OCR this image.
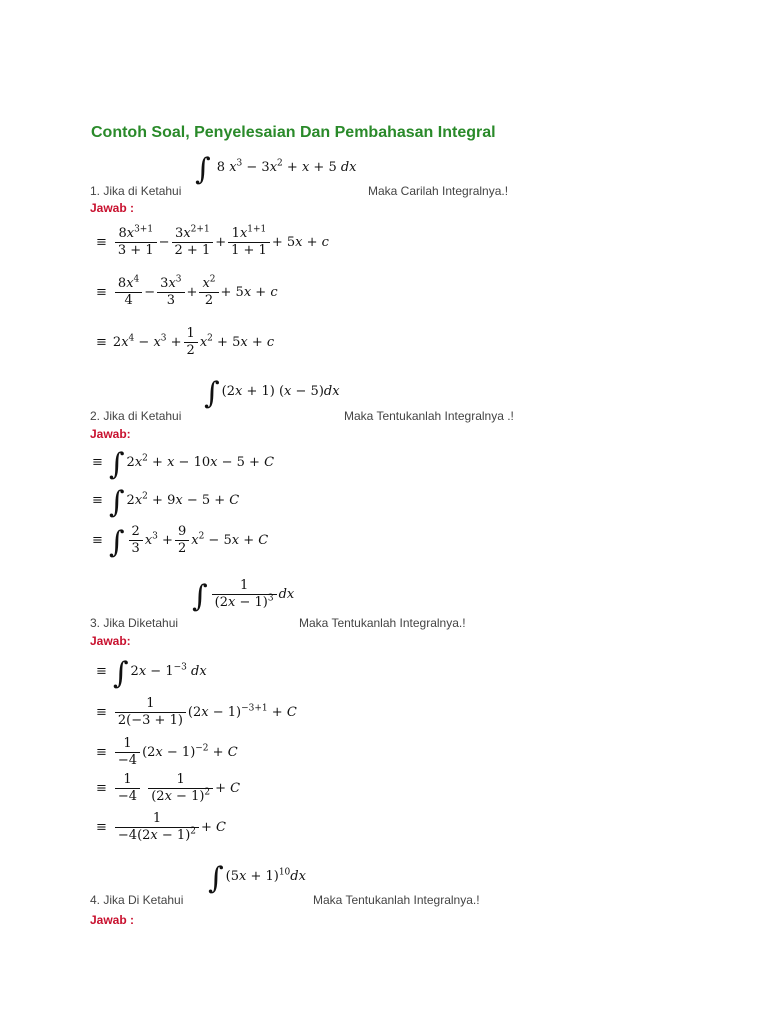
Contoh Soal, Penyelesaian Dan Pembahasan Integral
∫ 8 $x^3 - 3x^2 + x + 5$ dx
1. Jika di Ketahui	Maka Carilah Integralnya.!
Jawab :
≡ $\frac{8x^{3+1}}{3 + 1} - \frac{3x^{2+1}}{2 + 1} + \frac{1x^{1+1}}{1 + 1} + 5x + c$
≡ $\frac{8x^4}{4} - \frac{3x^3}{3} + \frac{x^2}{2} + 5x + c$
≡ $2x^4 - x^3 + \frac{1}{2} x^2 + 5x + c$
∫ (2x + 1) (x − 5)dx
2. Jika di Ketahui	Maka Tentukanlah Integralnya .!
Jawab:
≡ ∫ $2x^2 + x - 10x - 5 + C$
≡ ∫ $2x^2 + 9x - 5 + C$
≡ ∫ $\frac{2}{3} x^3 + \frac{9}{2} x^2 - 5x + C$
∫ $\frac{1}{(2x - 1)^3}$ dx
3. Jika Diketahui	Maka Tentukanlah Integralnya.!
Jawab:
≡ ∫ $2x - 1^{-3}$ dx
≡ $\frac{1}{2(-3 + 1)} (2x - 1)^{-3+1} + C$
≡ $\frac{1}{-4} (2x - 1)^{-2} + C$
≡ $\frac{1}{-4}$
$\frac{1}{(2x - 1)^2} + C$
≡ $\frac{1}{-4(2x - 1)^2} + C$
∫ $(5x + 1)^{10}dx$
4. Jika Di Ketahui	Maka Tentukanlah Integralnya.!
Jawab :
